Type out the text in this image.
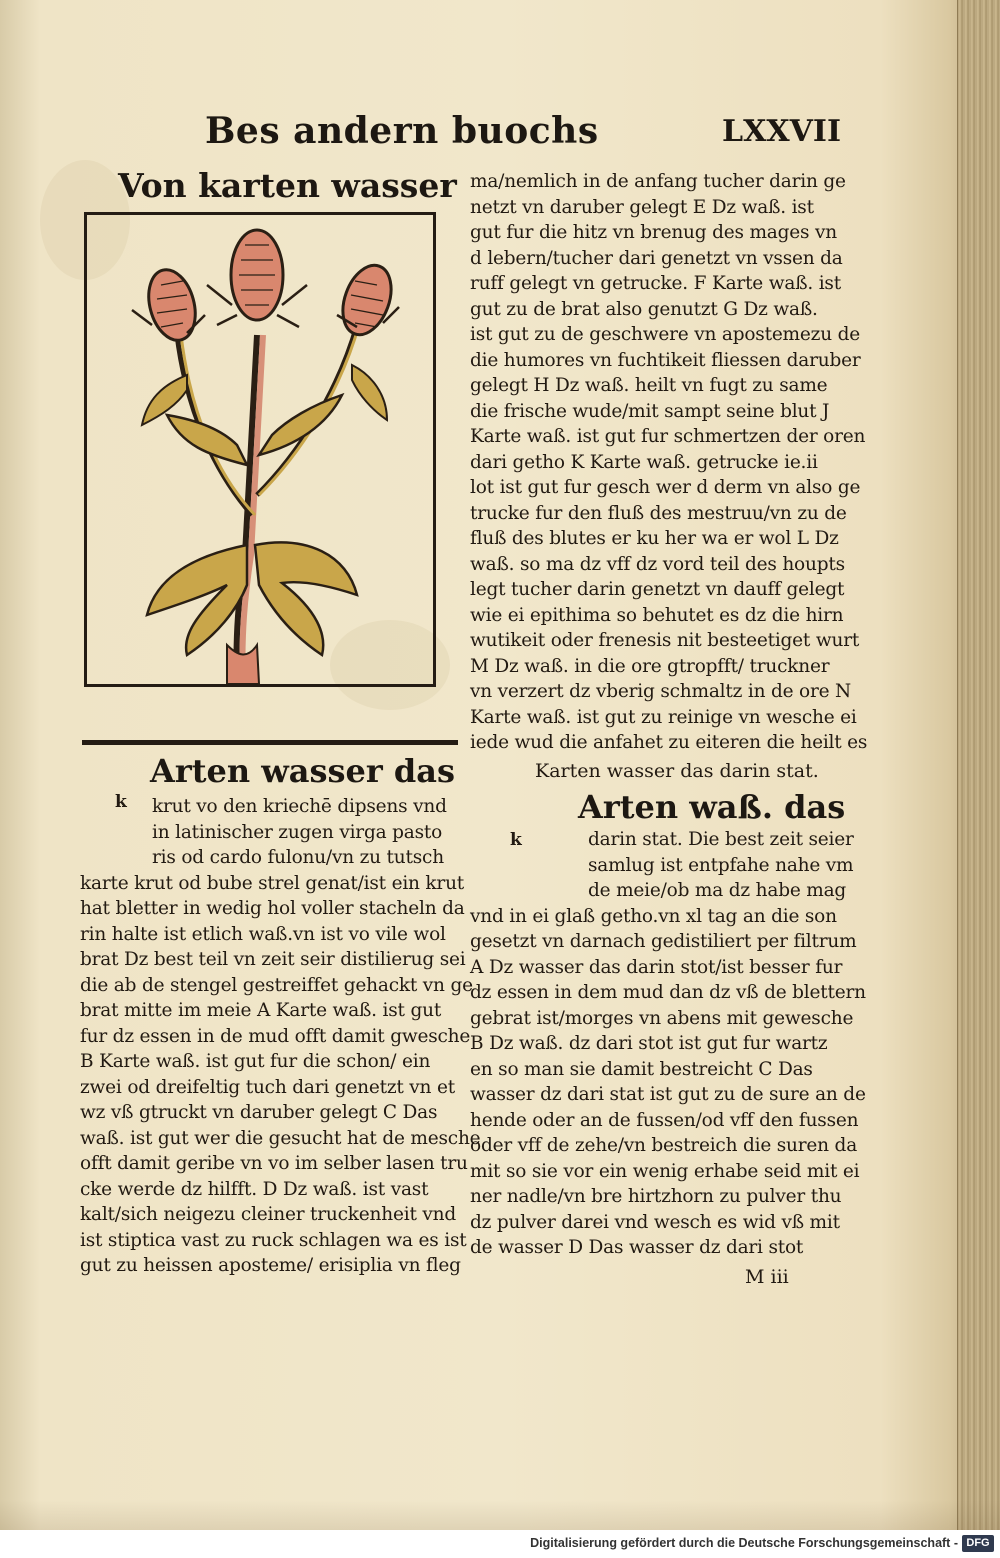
Bes andern buochs	LXXVII
Von karten wasser ma/nemlich in de anfang tucher darin ge
netzt vn daruber gelegt E Dz waß. ist
gut fur die hitz vn brenug des mages vn
d lebern/tucher dari genetzt vn vssen da
ruff gelegt vn getrucke. F Karte waß. ist
gut zu de brat also genutzt G Dz waß.
ist gut zu de geschwere vn apostemezu de
die humores vn fuchtikeit fliessen daruber
gelegt H Dz waß. heilt vn fugt zu same
die frische wude/mit sampt seine blut J
Karte waß. ist gut fur schmertzen der oren
dari getho K Karte waß. getrucke ie.ii
lot ist gut fur gesch wer d derm vn also ge
trucke fur den fluß des mestruu/vn zu de
fluß des blutes er ku her wa er wol L Dz
waß. so ma dz vff dz vord teil des houpts
legt tucher darin genetzt vn dauff gelegt
wie ei epithima so behutet es dz die hirn
wutikeit oder frenesis nit besteetiget wurt
M Dz waß. in die ore gtropfft/ truckner
vn verzert dz vberig schmaltz in de ore N
Karte waß. ist gut zu reinige vn wesche ei
iede wud die anfahet zu eiteren die heilt es
Karten wasser das darin stat.
Arten wasser das
k krut vo den kriechē dipsens vnd
in latinischer zugen virga pasto
ris od cardo fulonu/vn zu tutsch
karte krut od bube strel genat/ist ein krut
hat bletter in wedig hol voller stacheln da
rin halte ist etlich waß.vn ist vo vile wol
brat Dz best teil vn zeit seir distilierug sei
die ab de stengel gestreiffet gehackt vn ge
brat mitte im meie A Karte waß. ist gut
fur dz essen in de mud offt damit gwesche
B Karte waß. ist gut fur die schon/ ein
zwei od dreifeltig tuch dari genetzt vn et
wz vß gtruckt vn daruber gelegt C Das
waß. ist gut wer die gesucht hat de mesche
offt damit geribe vn vo im selber lasen tru
cke werde dz hilfft. D Dz waß. ist vast
kalt/sich neigezu cleiner truckenheit vnd
ist stiptica vast zu ruck schlagen wa es ist
gut zu heissen aposteme/ erisiplia vn fleg
Arten waß. das
k	darin stat. Die best zeit seier
samlug ist entpfahe nahe vm
de meie/ob ma dz habe mag
vnd in ei glaß getho.vn xl tag an die son
gesetzt vn darnach gedistiliert per filtrum
A Dz wasser das darin stot/ist besser fur
dz essen in dem mud dan dz vß de blettern
gebrat ist/morges vn abens mit gewesche
B Dz waß. dz dari stot ist gut fur wartz
en so man sie damit bestreicht C Das
wasser dz dari stat ist gut zu de sure an de
hende oder an de fussen/od vff den fussen
oder vff de zehe/vn bestreich die suren da
mit so sie vor ein wenig erhabe seid mit ei
ner nadle/vn bre hirtzhorn zu pulver thu
dz pulver darei vnd wesch es wid vß mit
de wasser D Das wasser dz dari stot
M iii
Digitalisierung gefördert durch die Deutsche Forschungsgemeinschaft - DFG
